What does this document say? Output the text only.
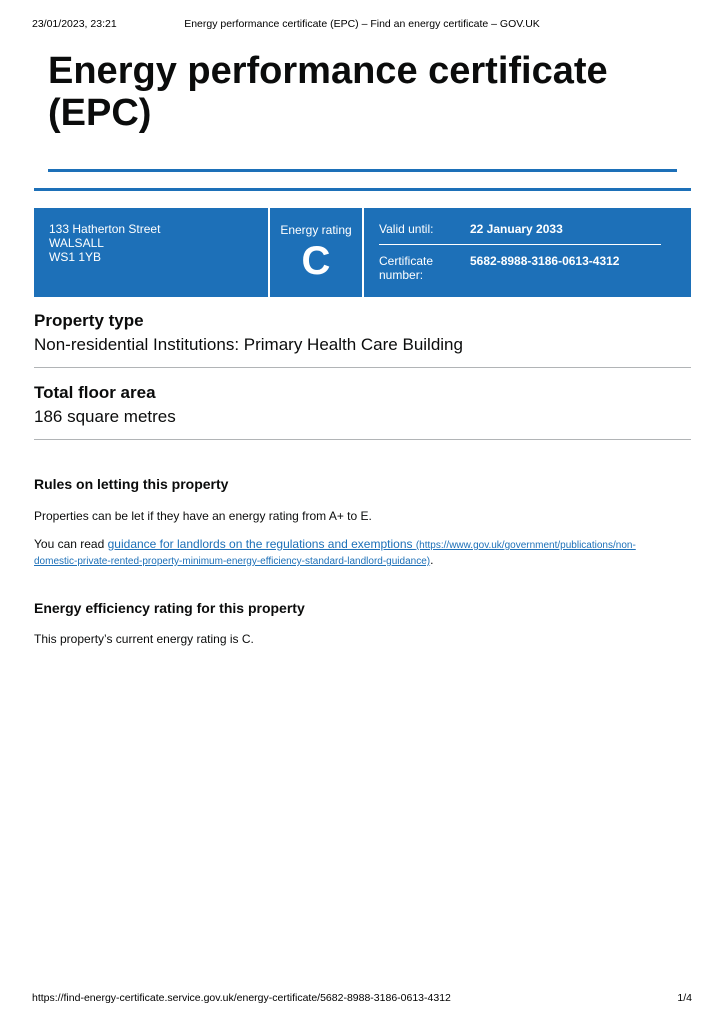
23/01/2023, 23:21	Energy performance certificate (EPC) – Find an energy certificate – GOV.UK
Energy performance certificate (EPC)
133 Hatherton Street
WALSALL
WS1 1YB
Energy rating
C
Valid until:	22 January 2033
Certificate number:
5682-8988-3186-0613-4312
Property type
Non-residential Institutions: Primary Health Care Building
Total floor area
186 square metres
Rules on letting this property

Properties can be let if they have an energy rating from A+ to E.

You can read guidance for landlords on the regulations and exemptions (https://www.gov.uk/government/publications/non-
domestic-private-rented-property-minimum-energy-efficiency-standard-landlord-guidance).

Energy efficiency rating for this property

This property’s current energy rating is C.

https://find-energy-certificate.service.gov.uk/energy-certificate/5682-8988-3186-0613-4312	1/4
